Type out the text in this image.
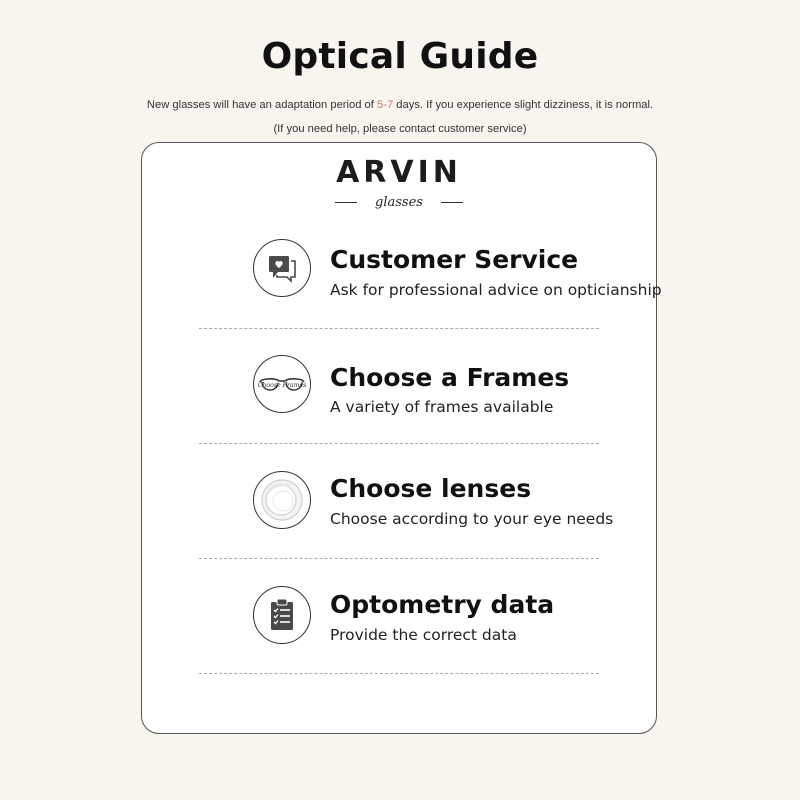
Optical Guide
New glasses will have an adaptation period of 5-7 days. If you experience slight dizziness, it is normal.
(If you need help, please contact customer service)
ARVIN
glasses
Customer Service
Ask for professional advice on opticianship
Choose Frames Choose a Frames
A variety of frames available
Choose lenses
Choose according to your eye needs
Optometry data
Provide the correct data
